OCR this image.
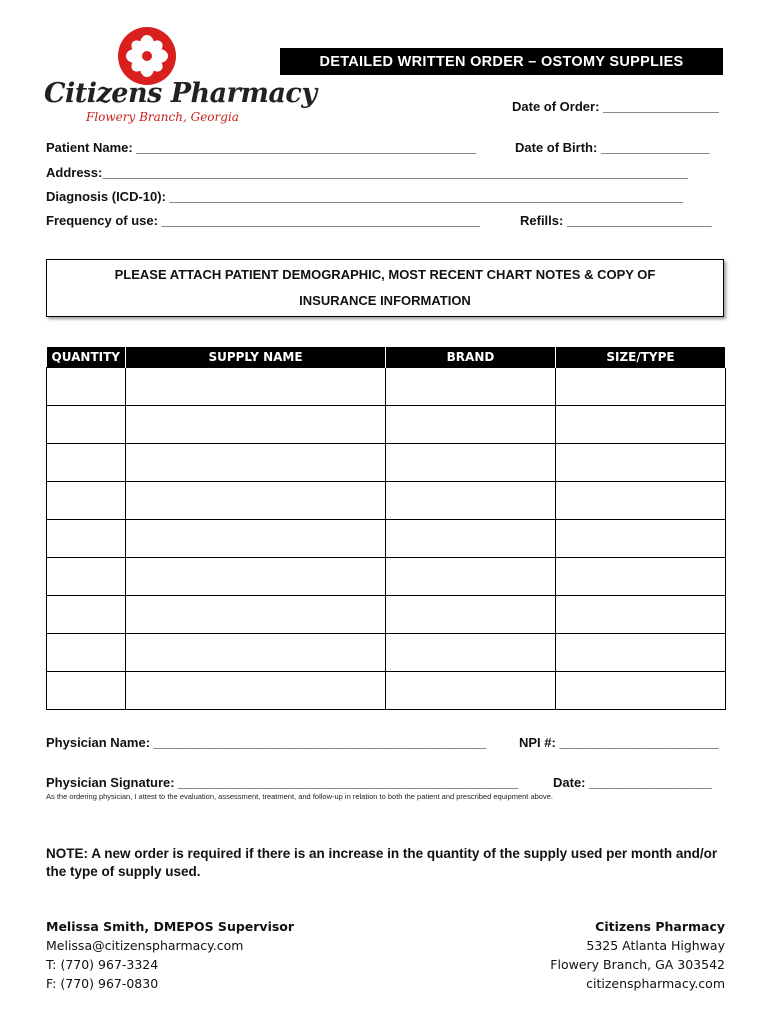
Citizens Pharmacy
Flowery Branch, Georgia
DETAILED WRITTEN ORDER – OSTOMY SUPPLIES
Date of Order: ________________
Patient Name: _______________________________________________	Date of Birth: _______________
Address:_________________________________________________________________________________
Diagnosis (ICD-10): _______________________________________________________________________
Frequency of use: ____________________________________________	Refills: ____________________
PLEASE ATTACH PATIENT DEMOGRAPHIC, MOST RECENT CHART NOTES & COPY OF
INSURANCE INFORMATION
QUANTITY	SUPPLY NAME	BRAND	SIZE/TYPE

Physician Name: ______________________________________________	NPI #: ______________________
Physician Signature: _______________________________________________	Date: _________________
As the ordering physician, I attest to the evaluation, assessment, treatment, and follow-up in relation to both the patient and prescribed equipment above.
NOTE: A new order is required if there is an increase in the quantity of the supply used per month and/or the type of supply used.
Melissa Smith, DMEPOS Supervisor
Melissa@citizenspharmacy.com
T: (770) 967-3324
F: (770) 967-0830
Citizens Pharmacy
5325 Atlanta Highway
Flowery Branch, GA 303542
citizenspharmacy.com
